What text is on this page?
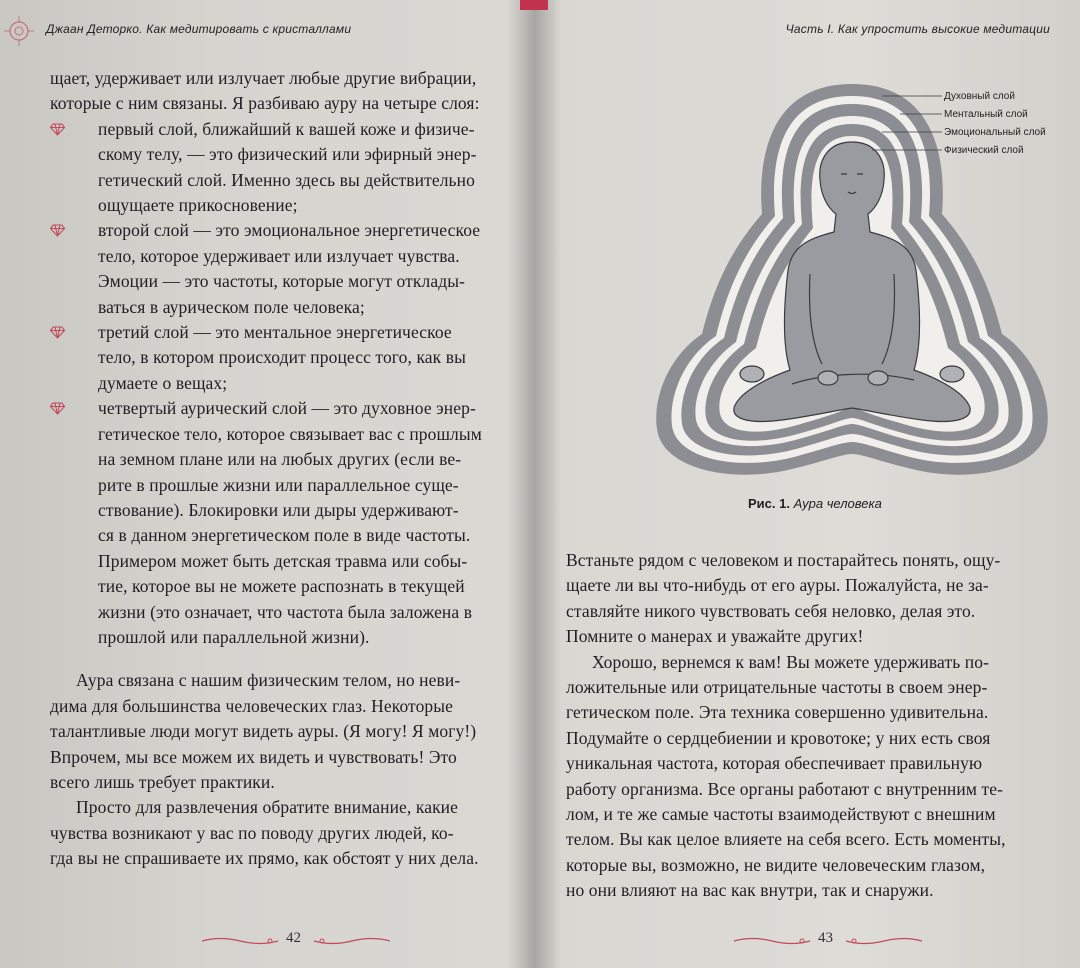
Джаан Деторко. Как медитировать с кристаллами
щает, удерживает или излучает любые другие вибрации,
которые с ним связаны. Я разбиваю ауру на четыре слоя:
первый слой, ближайший к вашей коже и физиче-
скому телу, — это физический или эфирный энер-
гетический слой. Именно здесь вы действительно
ощущаете прикосновение;
второй слой — это эмоциональное энергетическое
тело, которое удерживает или излучает чувства.
Эмоции — это частоты, которые могут отклады-
ваться в аурическом поле человека;
третий слой — это ментальное энергетическое
тело, в котором происходит процесс того, как вы
думаете о вещах;
четвертый аурический слой — это духовное энер-
гетическое тело, которое связывает вас с прошлым
на земном плане или на любых других (если ве-
рите в прошлые жизни или параллельное суще-
ствование). Блокировки или дыры удерживают-
ся в данном энергетическом поле в виде частоты.
Примером может быть детская травма или собы-
тие, которое вы не можете распознать в текущей
жизни (это означает, что частота была заложена в
прошлой или параллельной жизни).
Аура связана с нашим физическим телом, но неви-
дима для большинства человеческих глаз. Некоторые
талантливые люди могут видеть ауры. (Я могу! Я могу!)
Впрочем, мы все можем их видеть и чувствовать! Это
всего лишь требует практики.
Просто для развлечения обратите внимание, какие
чувства возникают у вас по поводу других людей, ко-
гда вы не спрашиваете их прямо, как обстоят у них дела.
42
Часть I. Как упростить высокие медитации
Духовный слой
Ментальный слой
Эмоциональный слой
Физический слой
Рис. 1. Аура человека
Встаньте рядом с человеком и постарайтесь понять, ощу-
щаете ли вы что-нибудь от его ауры. Пожалуйста, не за-
ставляйте никого чувствовать себя неловко, делая это.
Помните о манерах и уважайте других!
Хорошо, вернемся к вам! Вы можете удерживать по-
ложительные или отрицательные частоты в своем энер-
гетическом поле. Эта техника совершенно удивительна.
Подумайте о сердцебиении и кровотоке; у них есть своя
уникальная частота, которая обеспечивает правильную
работу организма. Все органы работают с внутренним те-
лом, и те же самые частоты взаимодействуют с внешним
телом. Вы как целое влияете на себя всего. Есть моменты,
которые вы, возможно, не видите человеческим глазом,
но они влияют на вас как внутри, так и снаружи.
43
